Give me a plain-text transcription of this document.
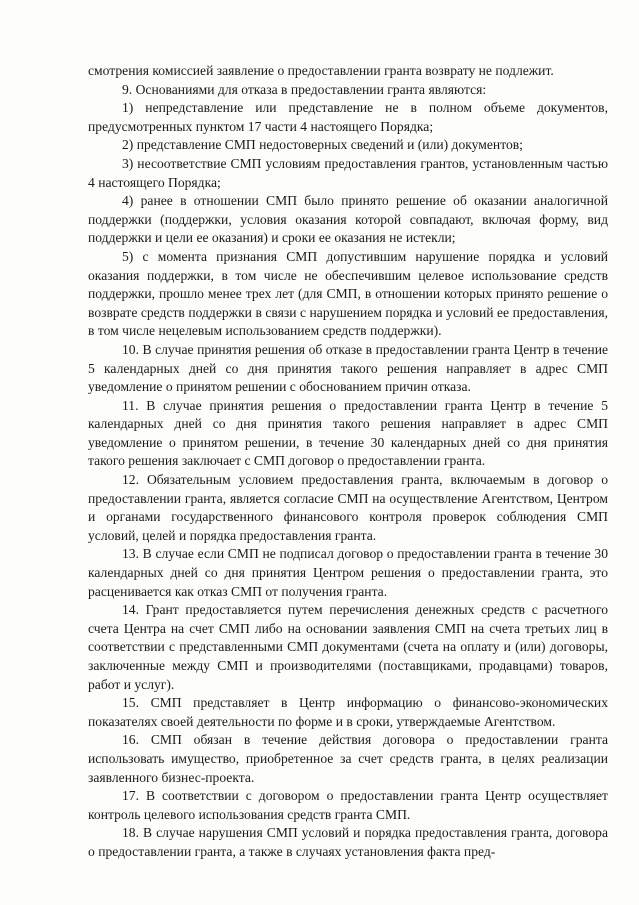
смотрения комиссией заявление о предоставлении гранта возврату не подлежит.

9. Основаниями для отказа в предоставлении гранта являются:

1) непредставление или представление не в полном объеме документов, предусмотренных пунктом 17 части 4 настоящего Порядка;

2) представление СМП недостоверных сведений и (или) документов;

3) несоответствие СМП условиям предоставления грантов, установленным частью 4 настоящего Порядка;

4) ранее в отношении СМП было принято решение об оказании аналогичной поддержки (поддержки, условия оказания которой совпадают, включая форму, вид поддержки и цели ее оказания) и сроки ее оказания не истекли;

5) с момента признания СМП допустившим нарушение порядка и условий оказания поддержки, в том числе не обеспечившим целевое использование средств поддержки, прошло менее трех лет (для СМП, в отношении которых принято решение о возврате средств поддержки в связи с нарушением порядка и условий ее предоставления, в том числе нецелевым использованием средств поддержки).

10. В случае принятия решения об отказе в предоставлении гранта Центр в течение 5 календарных дней со дня принятия такого решения направляет в адрес СМП уведомление о принятом решении с обоснованием причин отказа.

11. В случае принятия решения о предоставлении гранта Центр в течение 5 календарных дней со дня принятия такого решения направляет в адрес СМП уведомление о принятом решении, в течение 30 календарных дней со дня принятия такого решения заключает с СМП договор о предоставлении гранта.

12. Обязательным условием предоставления гранта, включаемым в договор о предоставлении гранта, является согласие СМП на осуществление Агентством, Центром и органами государственного финансового контроля проверок соблюдения СМП условий, целей и порядка предоставления гранта.

13. В случае если СМП не подписал договор о предоставлении гранта в течение 30 календарных дней со дня принятия Центром решения о предоставлении гранта, это расценивается как отказ СМП от получения гранта.

14. Грант предоставляется путем перечисления денежных средств с расчетного счета Центра на счет СМП либо на основании заявления СМП на счета третьих лиц в соответствии с представленными СМП документами (счета на оплату и (или) договоры, заключенные между СМП и производителями (поставщиками, продавцами) товаров, работ и услуг).

15. СМП представляет в Центр информацию о финансово-экономических показателях своей деятельности по форме и в сроки, утверждаемые Агентством.

16. СМП обязан в течение действия договора о предоставлении гранта использовать имущество, приобретенное за счет средств гранта, в целях реализации заявленного бизнес-проекта.

17. В соответствии с договором о предоставлении гранта Центр осуществляет контроль целевого использования средств гранта СМП.

18. В случае нарушения СМП условий и порядка предоставления гранта, договора о предоставлении гранта, а также в случаях установления факта пред-
